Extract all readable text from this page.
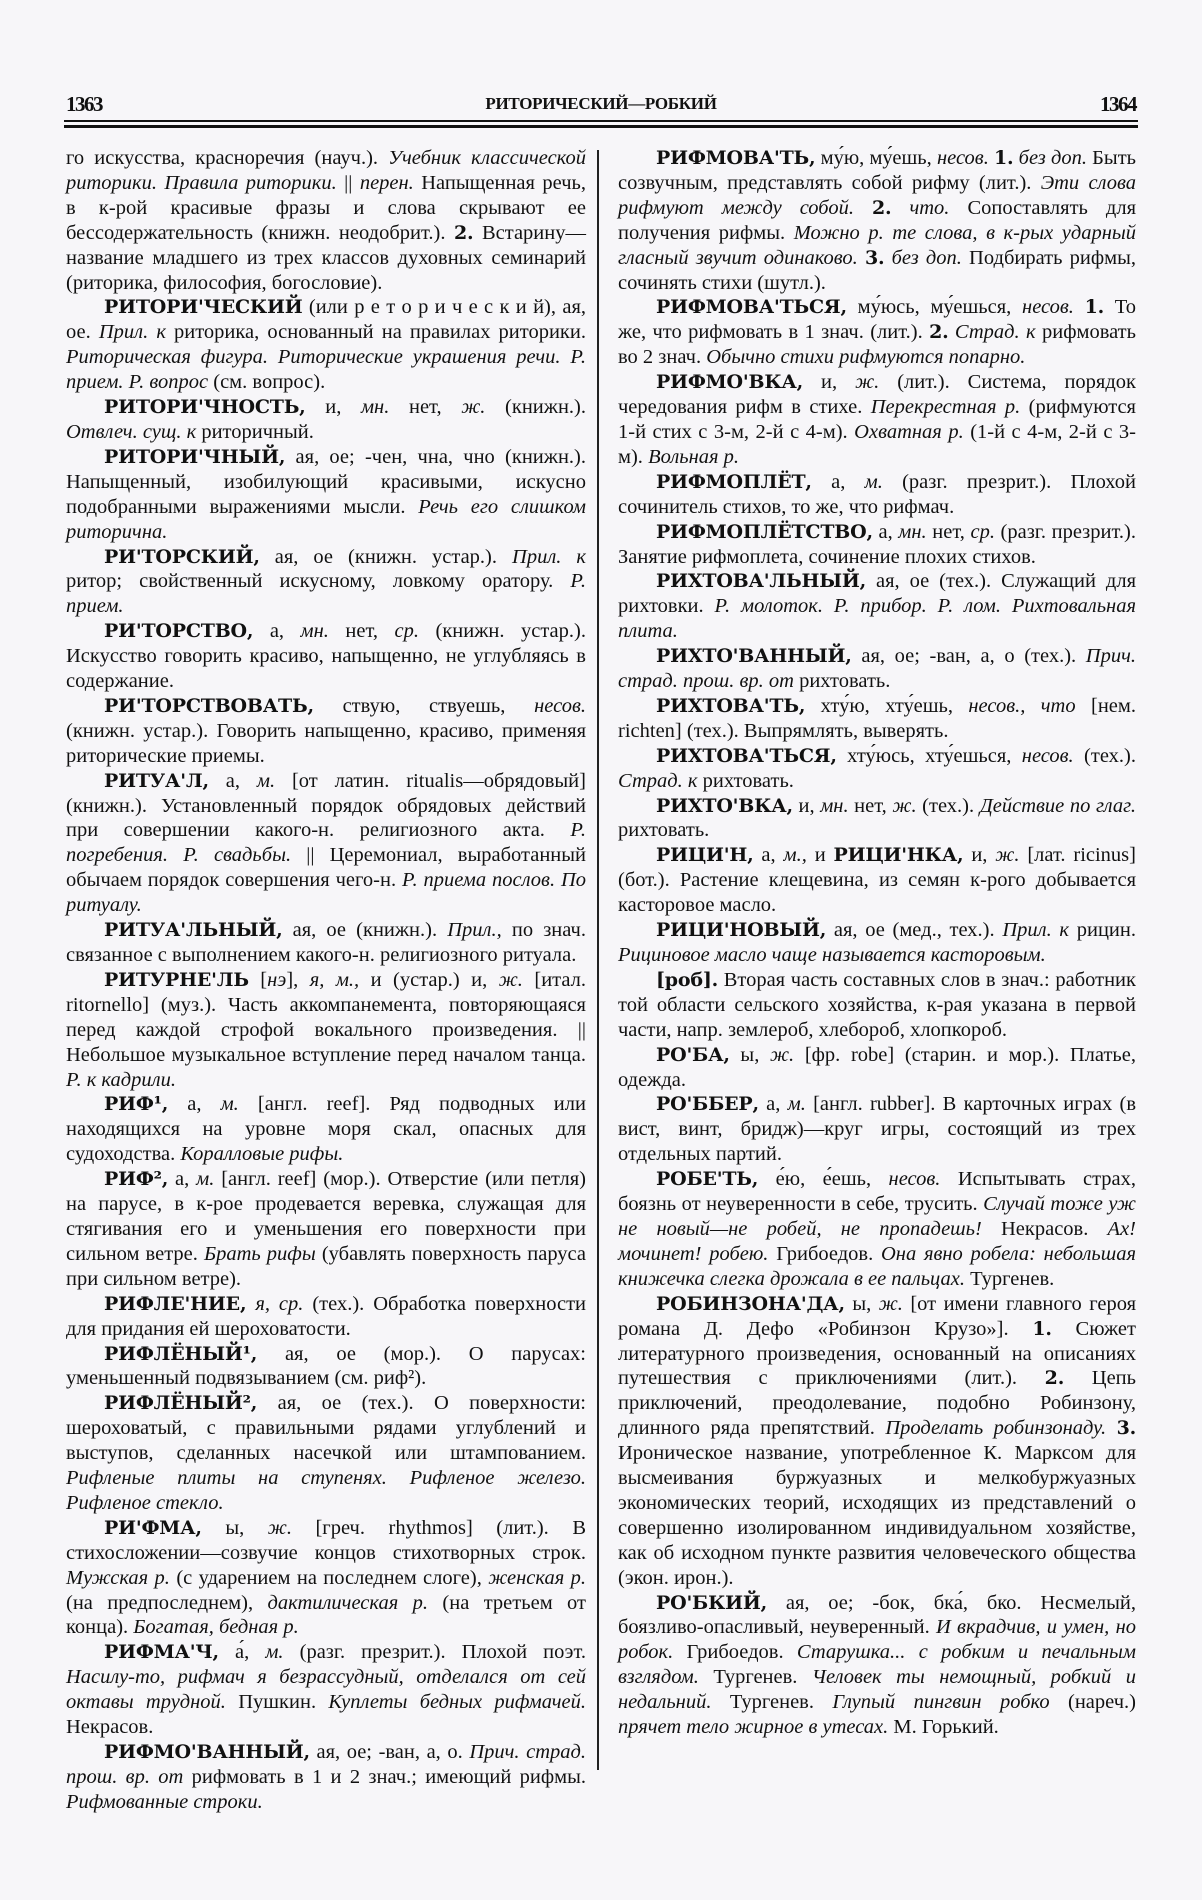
1363	РИТОРИЧЕСКИЙ—РОБКИЙ	1364

го искусства, красноречия (науч.). Учебник классической риторики. Правила риторики. || перен. Напыщенная речь, в к-рой красивые фразы и слова скрывают ее бессодержательность (книжн. неодобрит.). 2. Встарину—название младшего из трех классов духовных семинарий (риторика, философия, богословие).

РИТОРИ'ЧЕСКИЙ (или р е т о р и ч е с к и й), ая, ое. Прил. к риторика, основанный на правилах риторики. Риторическая фигура. Риторические украшения речи. Р. прием. Р. вопрос (см. вопрос).

РИТОРИ'ЧНОСТЬ, и, мн. нет, ж. (книжн.). Отвлеч. сущ. к риторичный.

РИТОРИ'ЧНЫЙ, ая, ое; -чен, чна, чно (книжн.). Напыщенный, изобилующий красивыми, искусно подобранными выражениями мысли. Речь его слишком риторична.

РИ'ТОРСКИЙ, ая, ое (книжн. устар.). Прил. к ритор; свойственный искусному, ловкому оратору. Р. прием.

РИ'ТОРСТВО, а, мн. нет, ср. (книжн. устар.). Искусство говорить красиво, напыщенно, не углубляясь в содержание.

РИ'ТОРСТВОВАТЬ, ствую, ствуешь, несов. (книжн. устар.). Говорить напыщенно, красиво, применяя риторические приемы.

РИТУА'Л, а, м. [от латин. ritualis—обрядовый] (книжн.). Установленный порядок обрядовых действий при совершении какого-н. религиозного акта. Р. погребения. Р. свадьбы. || Церемониал, выработанный обычаем порядок совершения чего-н. Р. приема послов. По ритуалу.

РИТУА'ЛЬНЫЙ, ая, ое (книжн.). Прил., по знач. связанное с выполнением какого-н. религиозного ритуала.

РИТУРНЕ'ЛЬ [нэ], я, м., и (устар.) и, ж. [итал. ritornello] (муз.). Часть аккомпанемента, повторяющаяся перед каждой строфой вокального произведения. || Небольшое музыкальное вступление перед началом танца. Р. к кадрили.

РИФ¹, а, м. [англ. reef]. Ряд подводных или находящихся на уровне моря скал, опасных для судоходства. Коралловые рифы.

РИФ², а, м. [англ. reef] (мор.). Отверстие (или петля) на парусе, в к-рое продевается веревка, служащая для стягивания его и уменьшения его поверхности при сильном ветре. Брать рифы (убавлять поверхность паруса при сильном ветре).

РИФЛЕ'НИЕ, я, ср. (тех.). Обработка поверхности для придания ей шероховатости.

РИФЛЁНЫЙ¹, ая, ое (мор.). О парусах: уменьшенный подвязыванием (см. риф²).

РИФЛЁНЫЙ², ая, ое (тех.). О поверхности: шероховатый, с правильными рядами углублений и выступов, сделанных насечкой или штампованием. Рифленые плиты на ступенях. Рифленое железо. Рифленое стекло.

РИ'ФМА, ы, ж. [греч. rhythmos] (лит.). В стихосложении—созвучие концов стихотворных строк. Мужская р. (с ударением на последнем слоге), женская р. (на предпоследнем), дактилическая р. (на третьем от конца). Богатая, бедная р.

РИФМА'Ч, а́, м. (разг. презрит.). Плохой поэт. Насилу-то, рифмач я безрассудный, отделался от сей октавы трудной. Пушкин. Куплеты бедных рифмачей. Некрасов.

РИФМО'ВАННЫЙ, ая, ое; -ван, а, о. Прич. страд. прош. вр. от рифмовать в 1 и 2 знач.; имеющий рифмы. Рифмованные строки.

РИФМОВА'ТЬ, му́ю, му́ешь, несов. 1. без доп. Быть созвучным, представлять собой рифму (лит.). Эти слова рифмуют между собой. 2. что. Сопоставлять для получения рифмы. Можно р. те слова, в к-рых ударный гласный звучит одинаково. 3. без доп. Подбирать рифмы, сочинять стихи (шутл.).

РИФМОВА'ТЬСЯ, му́юсь, му́ешься, несов. 1. То же, что рифмовать в 1 знач. (лит.). 2. Страд. к рифмовать во 2 знач. Обычно стихи рифмуются попарно.

РИФМО'ВКА, и, ж. (лит.). Система, порядок чередования рифм в стихе. Перекрестная р. (рифмуются 1-й стих с 3-м, 2-й с 4-м). Охватная р. (1-й с 4-м, 2-й с 3-м). Вольная р.

РИФМОПЛЁТ, а, м. (разг. презрит.). Плохой сочинитель стихов, то же, что рифмач.

РИФМОПЛЁТСТВО, а, мн. нет, ср. (разг. презрит.). Занятие рифмоплета, сочинение плохих стихов.

РИХТОВА'ЛЬНЫЙ, ая, ое (тех.). Служащий для рихтовки. Р. молоток. Р. прибор. Р. лом. Рихтовальная плита.

РИХТО'ВАННЫЙ, ая, ое; -ван, а, о (тех.). Прич. страд. прош. вр. от рихтовать.

РИХТОВА'ТЬ, хту́ю, хту́ешь, несов., что [нем. richten] (тех.). Выпрямлять, выверять.

РИХТОВА'ТЬСЯ, хту́юсь, хту́ешься, несов. (тех.). Страд. к рихтовать.

РИХТО'ВКА, и, мн. нет, ж. (тех.). Действие по глаг. рихтовать.

РИЦИ'Н, а, м., и РИЦИ'НКА, и, ж. [лат. ricinus] (бот.). Растение клещевина, из семян к-рого добывается касторовое масло.

РИЦИ'НОВЫЙ, ая, ое (мед., тех.). Прил. к рицин. Рициновое масло чаще называется касторовым.

[роб]. Вторая часть составных слов в знач.: работник той области сельского хозяйства, к-рая указана в первой части, напр. землероб, хлебороб, хлопкороб.

РО'БА, ы, ж. [фр. robe] (старин. и мор.). Платье, одежда.

РО'ББЕР, а, м. [англ. rubber]. В карточных играх (в вист, винт, бридж)—круг игры, состоящий из трех отдельных партий.

РОБЕ'ТЬ, е́ю, е́ешь, несов. Испытывать страх, боязнь от неуверенности в себе, трусить. Случай тоже уж не новый—не робей, не пропадешь! Некрасов. Ах! мочинет! робею. Грибоедов. Она явно робела: небольшая книжечка слегка дрожала в ее пальцах. Тургенев.

РОБИНЗОНА'ДА, ы, ж. [от имени главного героя романа Д. Дефо «Робинзон Крузо»]. 1. Сюжет литературного произведения, основанный на описаниях путешествия с приключениями (лит.). 2. Цепь приключений, преодолевание, подобно Робинзону, длинного ряда препятствий. Проделать робинзонаду. 3. Ироническое название, употребленное К. Марксом для высмеивания буржуазных и мелкобуржуазных экономических теорий, исходящих из представлений о совершенно изолированном индивидуальном хозяйстве, как об исходном пункте развития человеческого общества (экон. ирон.).

РО'БКИЙ, ая, ое; -бок, бка́, бко. Несмелый, боязливо-опасливый, неуверенный. И вкрадчив, и умен, но робок. Грибоедов. Старушка... с робким и печальным взглядом. Тургенев. Человек ты немощный, робкий и недальний. Тургенев. Глупый пингвин робко (нареч.) прячет тело жирное в утесах. М. Горький.
